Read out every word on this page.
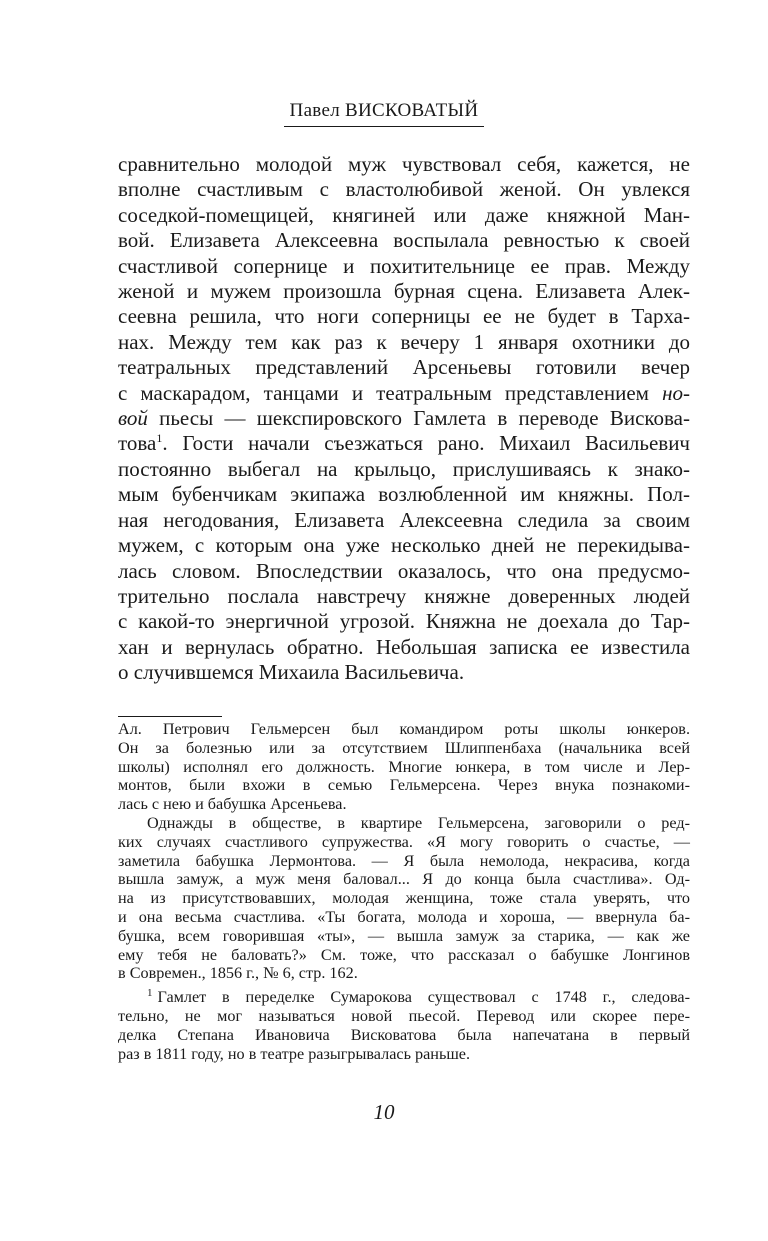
Павел ВИСКОВАТЫЙ

сравнительно молодой муж чувствовал себя, кажется, не
вполне счастливым с властолюбивой женой. Он увлекся
соседкой-помещицей, княгиней или даже княжной Ман-
вой. Елизавета Алексеевна воспылала ревностью к своей
счастливой сопернице и похитительнице ее прав. Между
женой и мужем произошла бурная сцена. Елизавета Алек-
сеевна решила, что ноги соперницы ее не будет в Тарха-
нах. Между тем как раз к вечеру 1 января охотники до
театральных представлений Арсеньевы готовили вечер
с маскарадом, танцами и театральным представлением но-
вой пьесы — шекспировского Гамлета в переводе Вискова-
това$^1$. Гости начали съезжаться рано. Михаил Васильевич
постоянно выбегал на крыльцо, прислушиваясь к знако-
мым бубенчикам экипажа возлюбленной им княжны. Пол-
ная негодования, Елизавета Алексеевна следила за своим
мужем, с которым она уже несколько дней не перекидыва-
лась словом. Впоследствии оказалось, что она предусмо-
трительно послала навстречу княжне доверенных людей
с какой-то энергичной угрозой. Княжна не доехала до Тар-
хан и вернулась обратно. Небольшая записка ее известила
о случившемся Михаила Васильевича.

Ал. Петрович Гельмерсен был командиром роты школы юнкеров.
Он за болезнью или за отсутствием Шлиппенбаха (начальника всей
школы) исполнял его должность. Многие юнкера, в том числе и Лер-
монтов, были вхожи в семью Гельмерсена. Через внука познакоми-
лась с нею и бабушка Арсеньева.

Однажды в обществе, в квартире Гельмерсена, заговорили о ред-
ких случаях счастливого супружества. «Я могу говорить о счастье, —
заметила бабушка Лермонтова. — Я была немолода, некрасива, когда
вышла замуж, а муж меня баловал... Я до конца была счастлива». Од-
на из присутствовавших, молодая женщина, тоже стала уверять, что
и она весьма счастлива. «Ты богата, молода и хороша, — ввернула ба-
бушка, всем говорившая «ты», — вышла замуж за старика, — как же
ему тебя не баловать?» См. тоже, что рассказал о бабушке Лонгинов
в Современ., 1856 г., № 6, стр. 162.

$^1$ Гамлет в переделке Сумарокова существовал с 1748 г., следова-
тельно, не мог называться новой пьесой. Перевод или скорее пере-
делка Степана Ивановича Висковатова была напечатана в первый
раз в 1811 году, но в театре разыгрывалась раньше.

10
